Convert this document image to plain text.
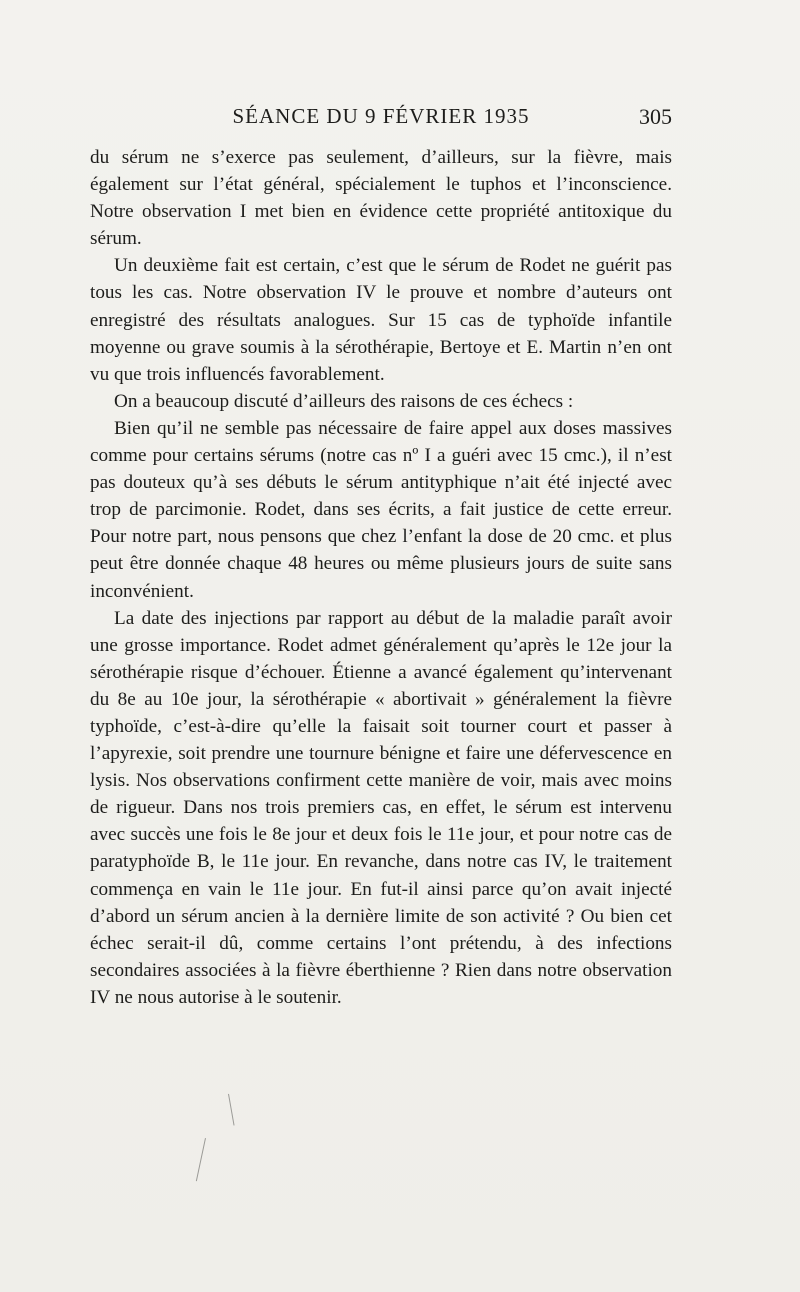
SÉANCE DU 9 FÉVRIER 1935	305

du sérum ne s’exerce pas seulement, d’ailleurs, sur la fièvre, mais également sur l’état général, spécialement le tuphos et l’inconscience. Notre observation I met bien en évidence cette propriété antitoxique du sérum.

Un deuxième fait est certain, c’est que le sérum de Rodet ne guérit pas tous les cas. Notre observation IV le prouve et nombre d’auteurs ont enregistré des résultats analogues. Sur 15 cas de typhoïde infantile moyenne ou grave soumis à la sérothérapie, Bertoye et E. Martin n’en ont vu que trois influencés favorablement.

On a beaucoup discuté d’ailleurs des raisons de ces échecs :

Bien qu’il ne semble pas nécessaire de faire appel aux doses massives comme pour certains sérums (notre cas nº I a guéri avec 15 cmc.), il n’est pas douteux qu’à ses débuts le sérum antityphique n’ait été injecté avec trop de parcimonie. Rodet, dans ses écrits, a fait justice de cette erreur. Pour notre part, nous pensons que chez l’enfant la dose de 20 cmc. et plus peut être donnée chaque 48 heures ou même plusieurs jours de suite sans inconvénient.

La date des injections par rapport au début de la maladie paraît avoir une grosse importance. Rodet admet généralement qu’après le 12e jour la sérothérapie risque d’échouer. Étienne a avancé également qu’intervenant du 8e au 10e jour, la sérothérapie « abortivait » généralement la fièvre typhoïde, c’est-à-dire qu’elle la faisait soit tourner court et passer à l’apyrexie, soit prendre une tournure bénigne et faire une défervescence en lysis. Nos observations confirment cette manière de voir, mais avec moins de rigueur. Dans nos trois premiers cas, en effet, le sérum est intervenu avec succès une fois le 8e jour et deux fois le 11e jour, et pour notre cas de paratyphoïde B, le 11e jour. En revanche, dans notre cas IV, le traitement commença en vain le 11e jour. En fut-il ainsi parce qu’on avait injecté d’abord un sérum ancien à la dernière limite de son activité ? Ou bien cet échec serait-il dû, comme certains l’ont prétendu, à des infections secondaires associées à la fièvre éberthienne ? Rien dans notre observation IV ne nous autorise à le soutenir.
